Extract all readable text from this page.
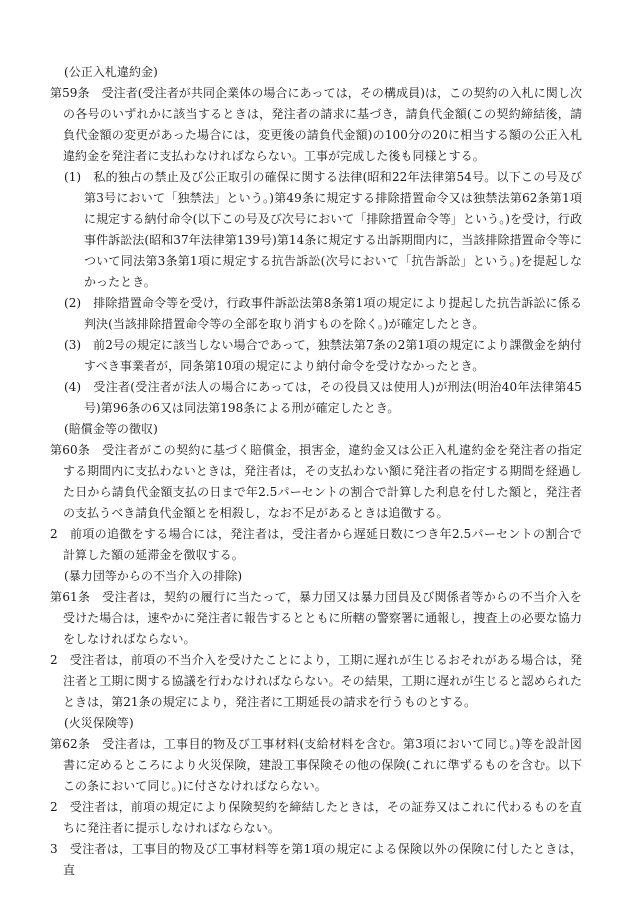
(公正入札違約金)

第59条 受注者(受注者が共同企業体の場合にあっては，その構成員)は，この契約の入札に関し次の各号のいずれかに該当するときは，発注者の請求に基づき，請負代金額(この契約締結後，請負代金額の変更があった場合には，変更後の請負代金額)の100分の20に相当する額の公正入札違約金を発注者に支払わなければならない。工事が完成した後も同様とする。

(1) 私的独占の禁止及び公正取引の確保に関する法律(昭和22年法律第54号。以下この号及び第3号において「独禁法」という。)第49条に規定する排除措置命令又は独禁法第62条第1項に規定する納付命令(以下この号及び次号において「排除措置命令等」という。)を受け，行政事件訴訟法(昭和37年法律第139号)第14条に規定する出訴期間内に，当該排除措置命令等について同法第3条第1項に規定する抗告訴訟(次号において「抗告訴訟」という。)を提起しなかったとき。

(2) 排除措置命令等を受け，行政事件訴訟法第8条第1項の規定により提起した抗告訴訟に係る判決(当該排除措置命令等の全部を取り消すものを除く。)が確定したとき。

(3) 前2号の規定に該当しない場合であって，独禁法第7条の2第1項の規定により課徴金を納付すべき事業者が，同条第10項の規定により納付命令を受けなかったとき。

(4) 受注者(受注者が法人の場合にあっては，その役員又は使用人)が刑法(明治40年法律第45号)第96条の6又は同法第198条による刑が確定したとき。

(賠償金等の徴収)

第60条 受注者がこの契約に基づく賠償金，損害金，違約金又は公正入札違約金を発注者の指定する期間内に支払わないときは，発注者は，その支払わない額に発注者の指定する期間を経過した日から請負代金額支払の日まで年2.5パーセントの割合で計算した利息を付した額と，発注者の支払うべき請負代金額とを相殺し，なお不足があるときは追徴する。

2 前項の追徴をする場合には，発注者は，受注者から遅延日数につき年2.5パーセントの割合で計算した額の延滞金を徴収する。

(暴力団等からの不当介入の排除)

第61条 受注者は，契約の履行に当たって，暴力団又は暴力団員及び関係者等からの不当介入を受けた場合は，速やかに発注者に報告するとともに所轄の警察署に通報し，捜査上の必要な協力をしなければならない。

2 受注者は，前項の不当介入を受けたことにより，工期に遅れが生じるおそれがある場合は，発注者と工期に関する協議を行わなければならない。その結果，工期に遅れが生じると認められたときは，第21条の規定により，発注者に工期延長の請求を行うものとする。

(火災保険等)

第62条 受注者は，工事目的物及び工事材料(支給材料を含む。第3項において同じ。)等を設計図書に定めるところにより火災保険，建設工事保険その他の保険(これに準ずるものを含む。以下この条において同じ。)に付さなければならない。

2 受注者は，前項の規定により保険契約を締結したときは，その証券又はこれに代わるものを直ちに発注者に提示しなければならない。

3 受注者は，工事目的物及び工事材料等を第1項の規定による保険以外の保険に付したときは，直
